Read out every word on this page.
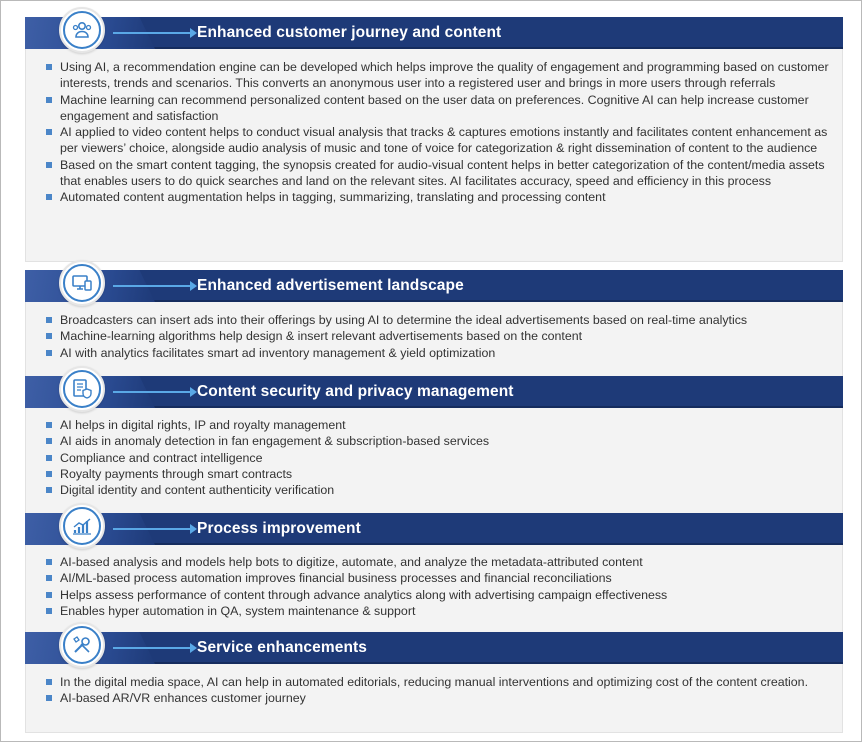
Enhanced customer journey and content
Using AI, a recommendation engine can be developed which helps improve the quality of engagement and programming based on customer interests, trends and scenarios. This converts an anonymous user into a registered user and brings in more users through referrals
Machine learning can recommend personalized content based on the user data on preferences. Cognitive AI can help increase customer engagement and satisfaction
AI applied to video content helps to conduct visual analysis that tracks & captures emotions instantly and facilitates content enhancement as per viewers’ choice, alongside audio analysis of music and tone of voice for categorization & right dissemination of content to the audience
Based on the smart content tagging, the synopsis created for audio-visual content helps in better categorization of the content/media assets that enables users to do quick searches and land on the relevant sites. AI facilitates accuracy, speed and efficiency in this process
Automated content augmentation helps in tagging, summarizing, translating and processing content
Enhanced advertisement landscape
Broadcasters can insert ads into their offerings by using AI to determine the ideal advertisements based on real-time analytics
Machine-learning algorithms help design & insert relevant advertisements based on the content
AI with analytics facilitates smart ad inventory management & yield optimization
Content security and privacy management
AI helps in digital rights, IP and royalty management
AI aids in anomaly detection in fan engagement & subscription-based services
Compliance and contract intelligence
Royalty payments through smart contracts
Digital identity and content authenticity verification
Process improvement
AI-based analysis and models help bots to digitize, automate, and analyze the metadata-attributed content
AI/ML-based process automation improves financial business processes and financial reconciliations
Helps assess performance of content through advance analytics along with advertising campaign effectiveness
Enables hyper automation in QA, system maintenance & support
Service enhancements
In the digital media space, AI can help in automated editorials, reducing manual interventions and optimizing cost of the content creation.
AI-based AR/VR enhances customer journey
